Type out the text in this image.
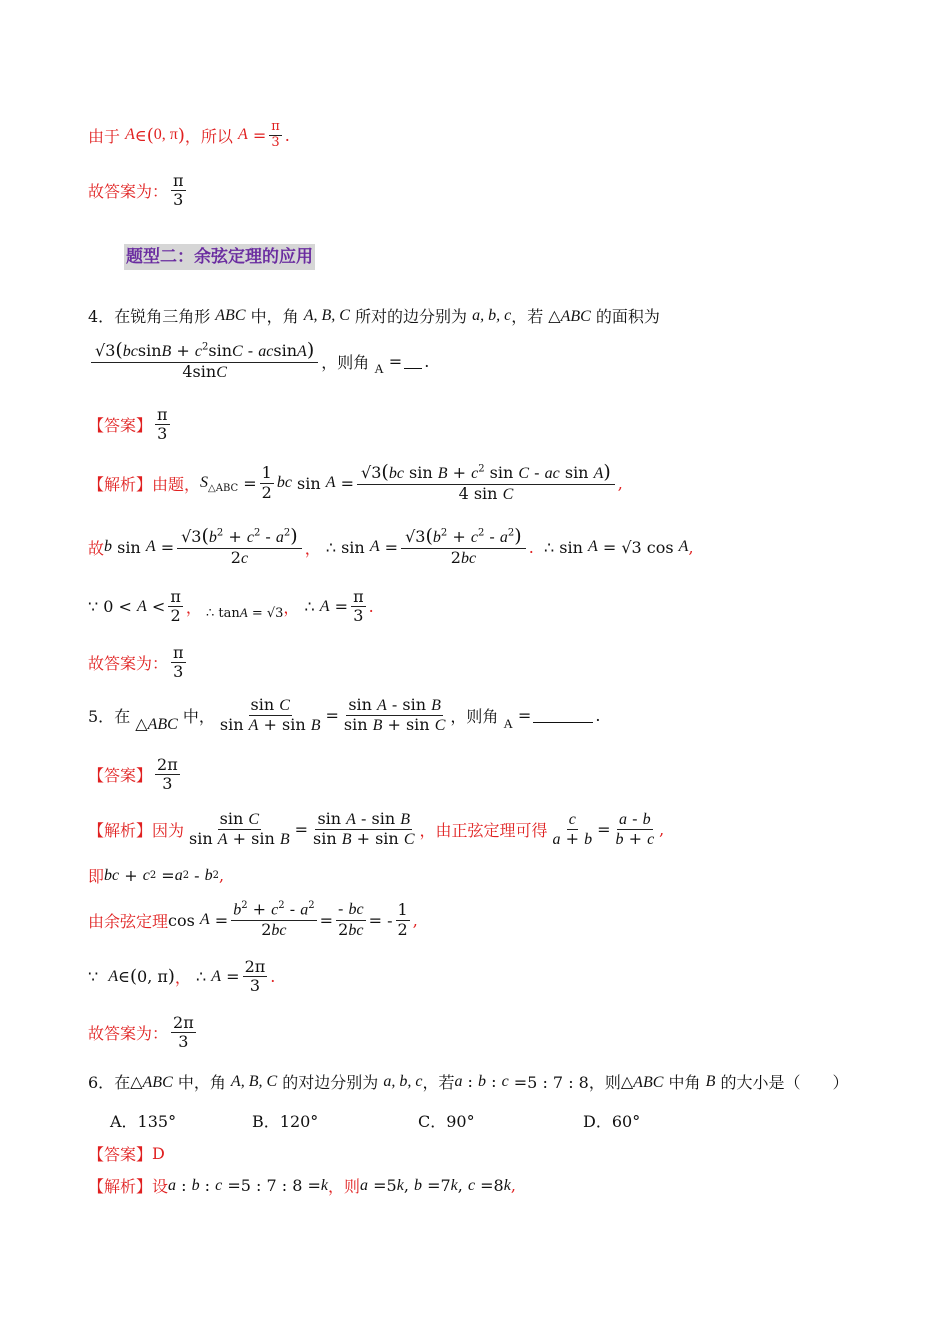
由于 A ∈ ( 0, π ) ，所以 $A = \frac{\pi}{3}$ .
故答案为： $\frac{\pi}{3}$
题型二：余弦定理的应用
4． 在锐角三角形 ABC 中，角 A, B, C 所对的边分别为 a, b, c ，若 △ABC 的面积为
$\frac{√3(bcsinB + c^2\sin C - acsinA)}{4\sin C}$ ，则角 A = .
【答案】 $\frac{\pi}{3}$
【解析】 由题， $S_{\triangle ABC} = \frac{1}{2}$ bc $\sin A = \frac{√3(bc \sin B + c^2 \sin C - ac \sin A)}{\text{4 sin C}}$ ,
故 b $\sin A = \frac{√3(b^2 + c^2 - a^2)}{2c}$ ， ∴ $\sin A = \frac{√3(b^2 + c^2 - a^2)}{2bc}$ . ∴ sin A = √3 cos A ,
∵ $0 < A < \frac{\pi}{2}$ ， ∴ tanA = √3 ， ∴ $A = \frac{\pi}{3}$ .
故答案为： $\frac{\pi}{3}$
5． 在 △ABC 中， $\frac{\text{sin C}}{\text{sin A + sin B}} = \frac{\text{sin A - sin B}}{\text{sin B + sin C}}$ ，则角 A =	.
【答案】 $\frac{2\pi}{3}$
【解析】 因为 $\frac{\text{sin C}}{\text{sin A + sin B}} = \frac{\text{sin A - sin B}}{\text{sin B + sin C}}$ ，由正弦定理可得 $\frac{c}{a + b} = \frac{a - b}{b + c}$ ,
即 bc + c 2 = a 2 - b 2 ,
由余弦定理 $\cos A = \frac{b^2 + c^2 - a^2}{2bc} = \frac{- bc}{2bc}$ = - $\frac{1}{2}$ ,
∵ A ∈ ( 0, π ) ， ∴ $A = \frac{2\pi}{3}$ .
故答案为： $\frac{2\pi}{3}$
6． 在 △ABC 中，角 A, B, C 的对边分别为 a, b, c ，若 a : b : c =5 : 7 : 8，则 △ABC 中角 B 的大小是（　　）
A．135°	B．120°	C．90°	D．60°
【答案】 D
【解析】 设 a : b : c =5 : 7 : 8 = k ，则 a =5 k , b =7 k , c =8 k ,
